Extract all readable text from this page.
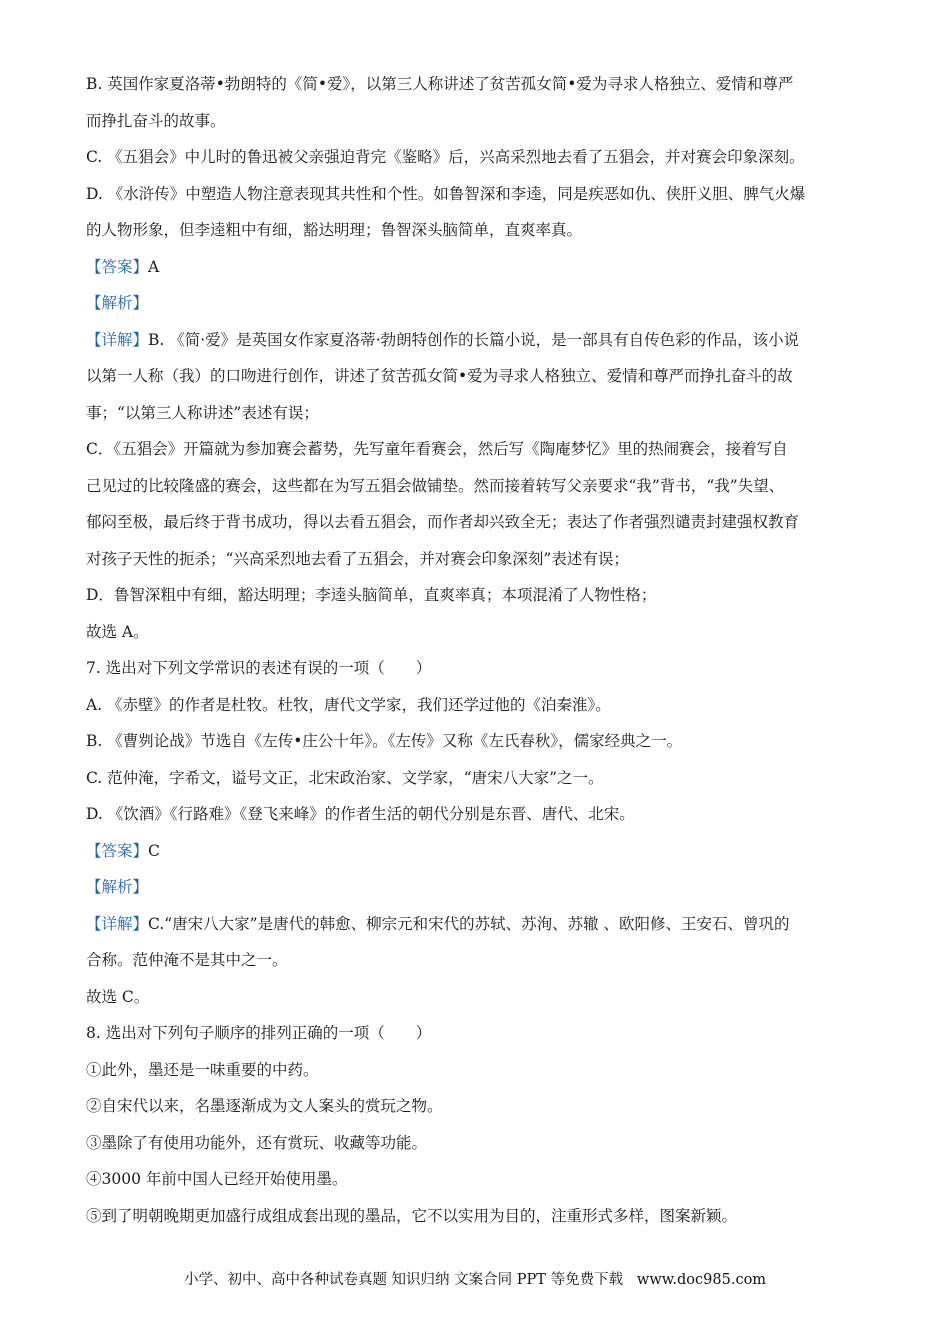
B. 英国作家夏洛蒂•勃朗特的《简•爱》，以第三人称讲述了贫苦孤女简•爱为寻求人格独立、爱情和尊严
而挣扎奋斗的故事。
C. 《五猖会》中儿时的鲁迅被父亲强迫背完《鉴略》后，兴高采烈地去看了五猖会，并对赛会印象深刻。
D. 《水浒传》中塑造人物注意表现其共性和个性。如鲁智深和李逵，同是疾恶如仇、侠肝义胆、脾气火爆
的人物形象，但李逵粗中有细，豁达明理；鲁智深头脑简单，直爽率真。
【答案】A
【解析】
【详解】B. 《简·爱》是英国女作家夏洛蒂·勃朗特创作的长篇小说，是一部具有自传色彩的作品，该小说
以第一人称（我）的口吻进行创作，讲述了贫苦孤女简•爱为寻求人格独立、爱情和尊严而挣扎奋斗的故
事；“以第三人称讲述”表述有误；
C．《五猖会》开篇就为参加赛会蓄势，先写童年看赛会，然后写《陶庵梦忆》里的热闹赛会，接着写自
己见过的比较隆盛的赛会，这些都在为写五猖会做铺垫。然而接着转写父亲要求“我”背书，“我”失望、
郁闷至极，最后终于背书成功，得以去看五猖会，而作者却兴致全无；表达了作者强烈谴责封建强权教育
对孩子天性的扼杀；“兴高采烈地去看了五猖会，并对赛会印象深刻”表述有误；
D．鲁智深粗中有细，豁达明理；李逵头脑简单，直爽率真；本项混淆了人物性格；
故选 A。
7. 选出对下列文学常识的表述有误的一项（　　）
A. 《赤壁》的作者是杜牧。杜牧，唐代文学家，我们还学过他的《泊秦淮》。
B. 《曹刿论战》节选自《左传•庄公十年》。《左传》又称《左氏春秋》，儒家经典之一。
C. 范仲淹，字希文，谥号文正，北宋政治家、文学家，“唐宋八大家”之一。
D. 《饮酒》《行路难》《登飞来峰》的作者生活的朝代分别是东晋、唐代、北宋。
【答案】C
【解析】
【详解】C.“唐宋八大家”是唐代的韩愈、柳宗元和宋代的苏轼、苏洵、苏辙 、欧阳修、王安石、曾巩的
合称。范仲淹不是其中之一。
故选 C。
8. 选出对下列句子顺序的排列正确的一项（　　）
①此外，墨还是一味重要的中药。
②自宋代以来，名墨逐渐成为文人案头的赏玩之物。
③墨除了有使用功能外，还有赏玩、收藏等功能。
④3000 年前中国人已经开始使用墨。
⑤到了明朝晚期更加盛行成组成套出现的墨品，它不以实用为目的，注重形式多样，图案新颖。
小学、初中、高中各种试卷真题 知识归纳 文案合同 PPT 等免费下载 www.doc985.com
